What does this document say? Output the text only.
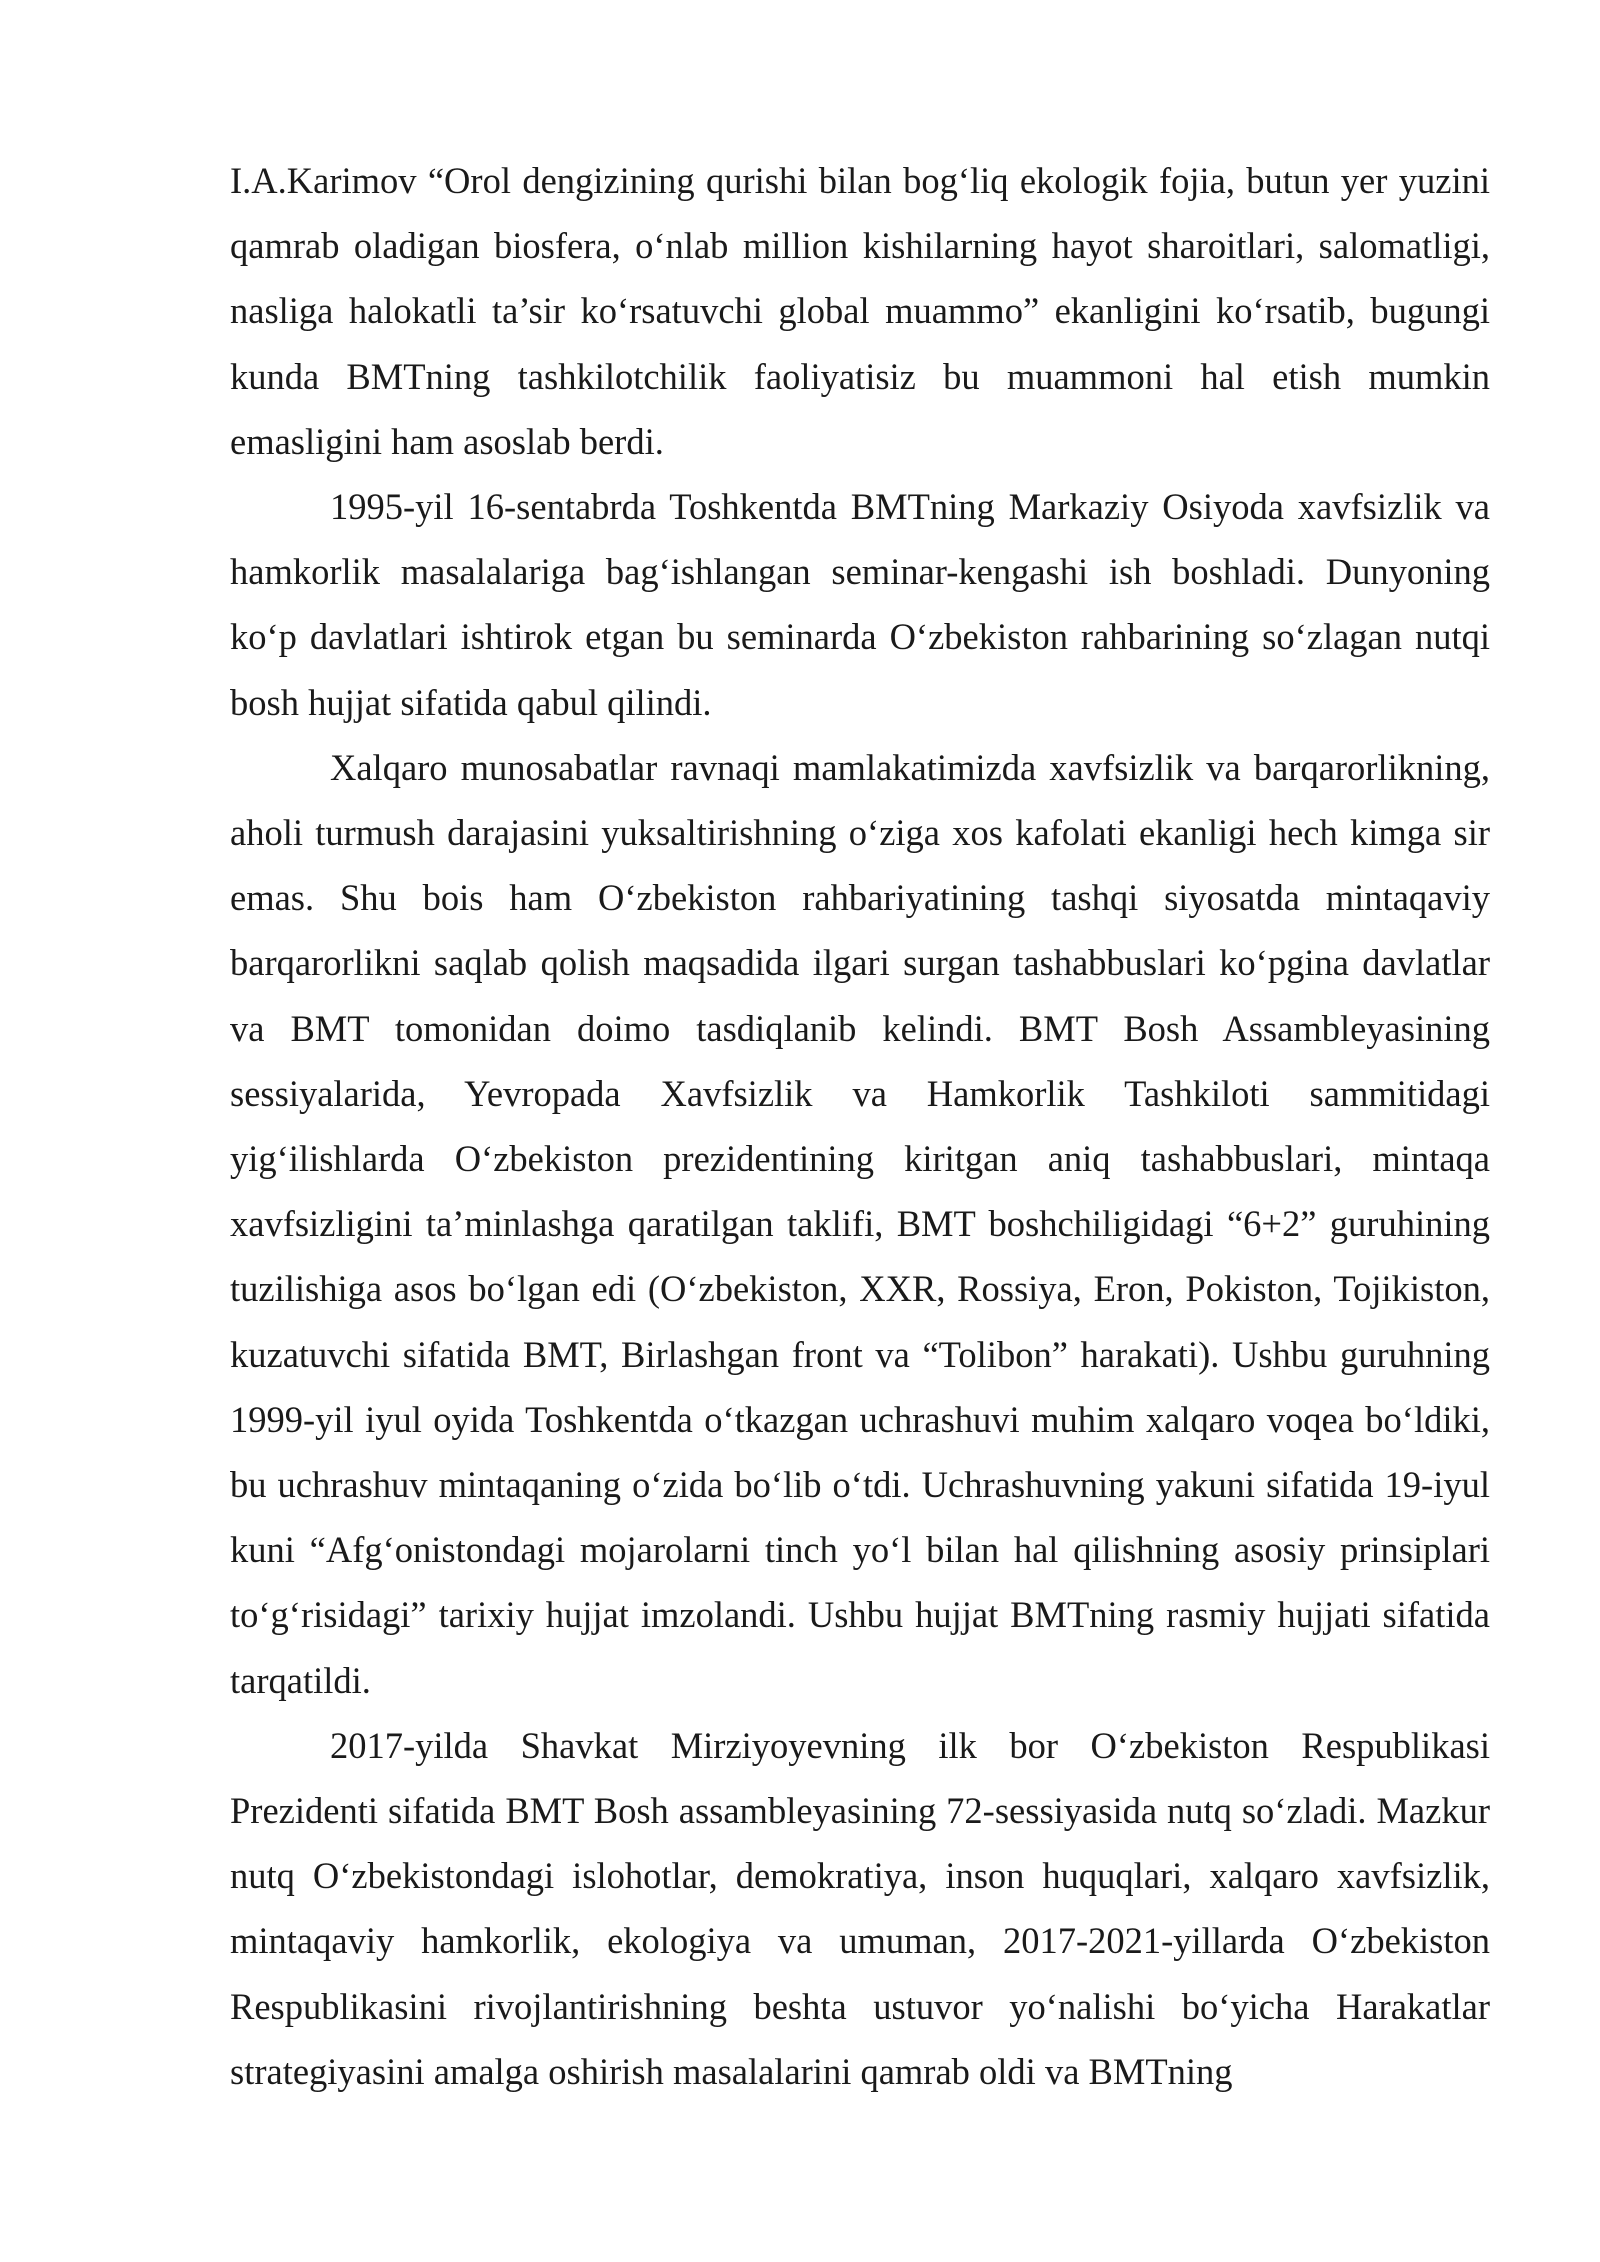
I.A.Karimov “Orol dengizining qurishi bilan bog‘liq ekologik fojia, butun yer yuzini qamrab oladigan biosfera, o‘nlab million kishilarning hayot sharoitlari, salomatligi, nasliga halokatli ta’sir ko‘rsatuvchi global muammo” ekanligini ko‘rsatib, bugungi kunda BMTning tashkilotchilik faoliyatisiz bu muammoni hal etish mumkin emasligini ham asoslab berdi.

1995-yil 16-sentabrda Toshkentda BMTning Markaziy Osiyoda xavfsizlik va hamkorlik masalalariga bag‘ishlangan seminar-kengashi ish boshladi. Dunyoning ko‘p davlatlari ishtirok etgan bu seminarda O‘zbekiston rahbarining so‘zlagan nutqi bosh hujjat sifatida qabul qilindi.

Xalqaro munosabatlar ravnaqi mamlakatimizda xavfsizlik va barqarorlikning, aholi turmush darajasini yuksaltirishning o‘ziga xos kafolati ekanligi hech kimga sir emas. Shu bois ham O‘zbekiston rahbariyatining tashqi siyosatda mintaqaviy barqarorlikni saqlab qolish maqsadida ilgari surgan tashabbuslari ko‘pgina davlatlar va BMT tomonidan doimo tasdiqlanib kelindi. BMT Bosh Assambleyasining sessiyalarida, Yevropada Xavfsizlik va Hamkorlik Tashkiloti sammitidagi yig‘ilishlarda O‘zbekiston prezidentining kiritgan aniq tashabbuslari, mintaqa xavfsizligini ta’minlashga qaratilgan taklifi, BMT boshchiligidagi “6+2” guruhining tuzilishiga asos bo‘lgan edi (O‘zbekiston, XXR, Rossiya, Eron, Pokiston, Tojikiston, kuzatuvchi sifatida BMT, Birlashgan front va “Tolibon” harakati). Ushbu guruhning 1999-yil iyul oyida Toshkentda o‘tkazgan uchrashuvi muhim xalqaro voqea bo‘ldiki, bu uchrashuv mintaqaning o‘zida bo‘lib o‘tdi. Uchrashuvning yakuni sifatida 19-iyul kuni “Afg‘onistondagi mojarolarni tinch yo‘l bilan hal qilishning asosiy prinsiplari to‘g‘risidagi” tarixiy hujjat imzolandi. Ushbu hujjat BMTning rasmiy hujjati sifatida tarqatildi.

2017-yilda Shavkat Mirziyoyevning ilk bor O‘zbekiston Respublikasi Prezidenti sifatida BMT Bosh assambleyasining 72-sessiyasida nutq so‘zladi. Mazkur nutq O‘zbekistondagi islohotlar, demokratiya, inson huquqlari, xalqaro xavfsizlik, mintaqaviy hamkorlik, ekologiya va umuman, 2017-2021-yillarda O‘zbekiston Respublikasini rivojlantirishning beshta ustuvor yo‘nalishi bo‘yicha Harakatlar strategiyasini amalga oshirish masalalarini qamrab oldi va BMTning
